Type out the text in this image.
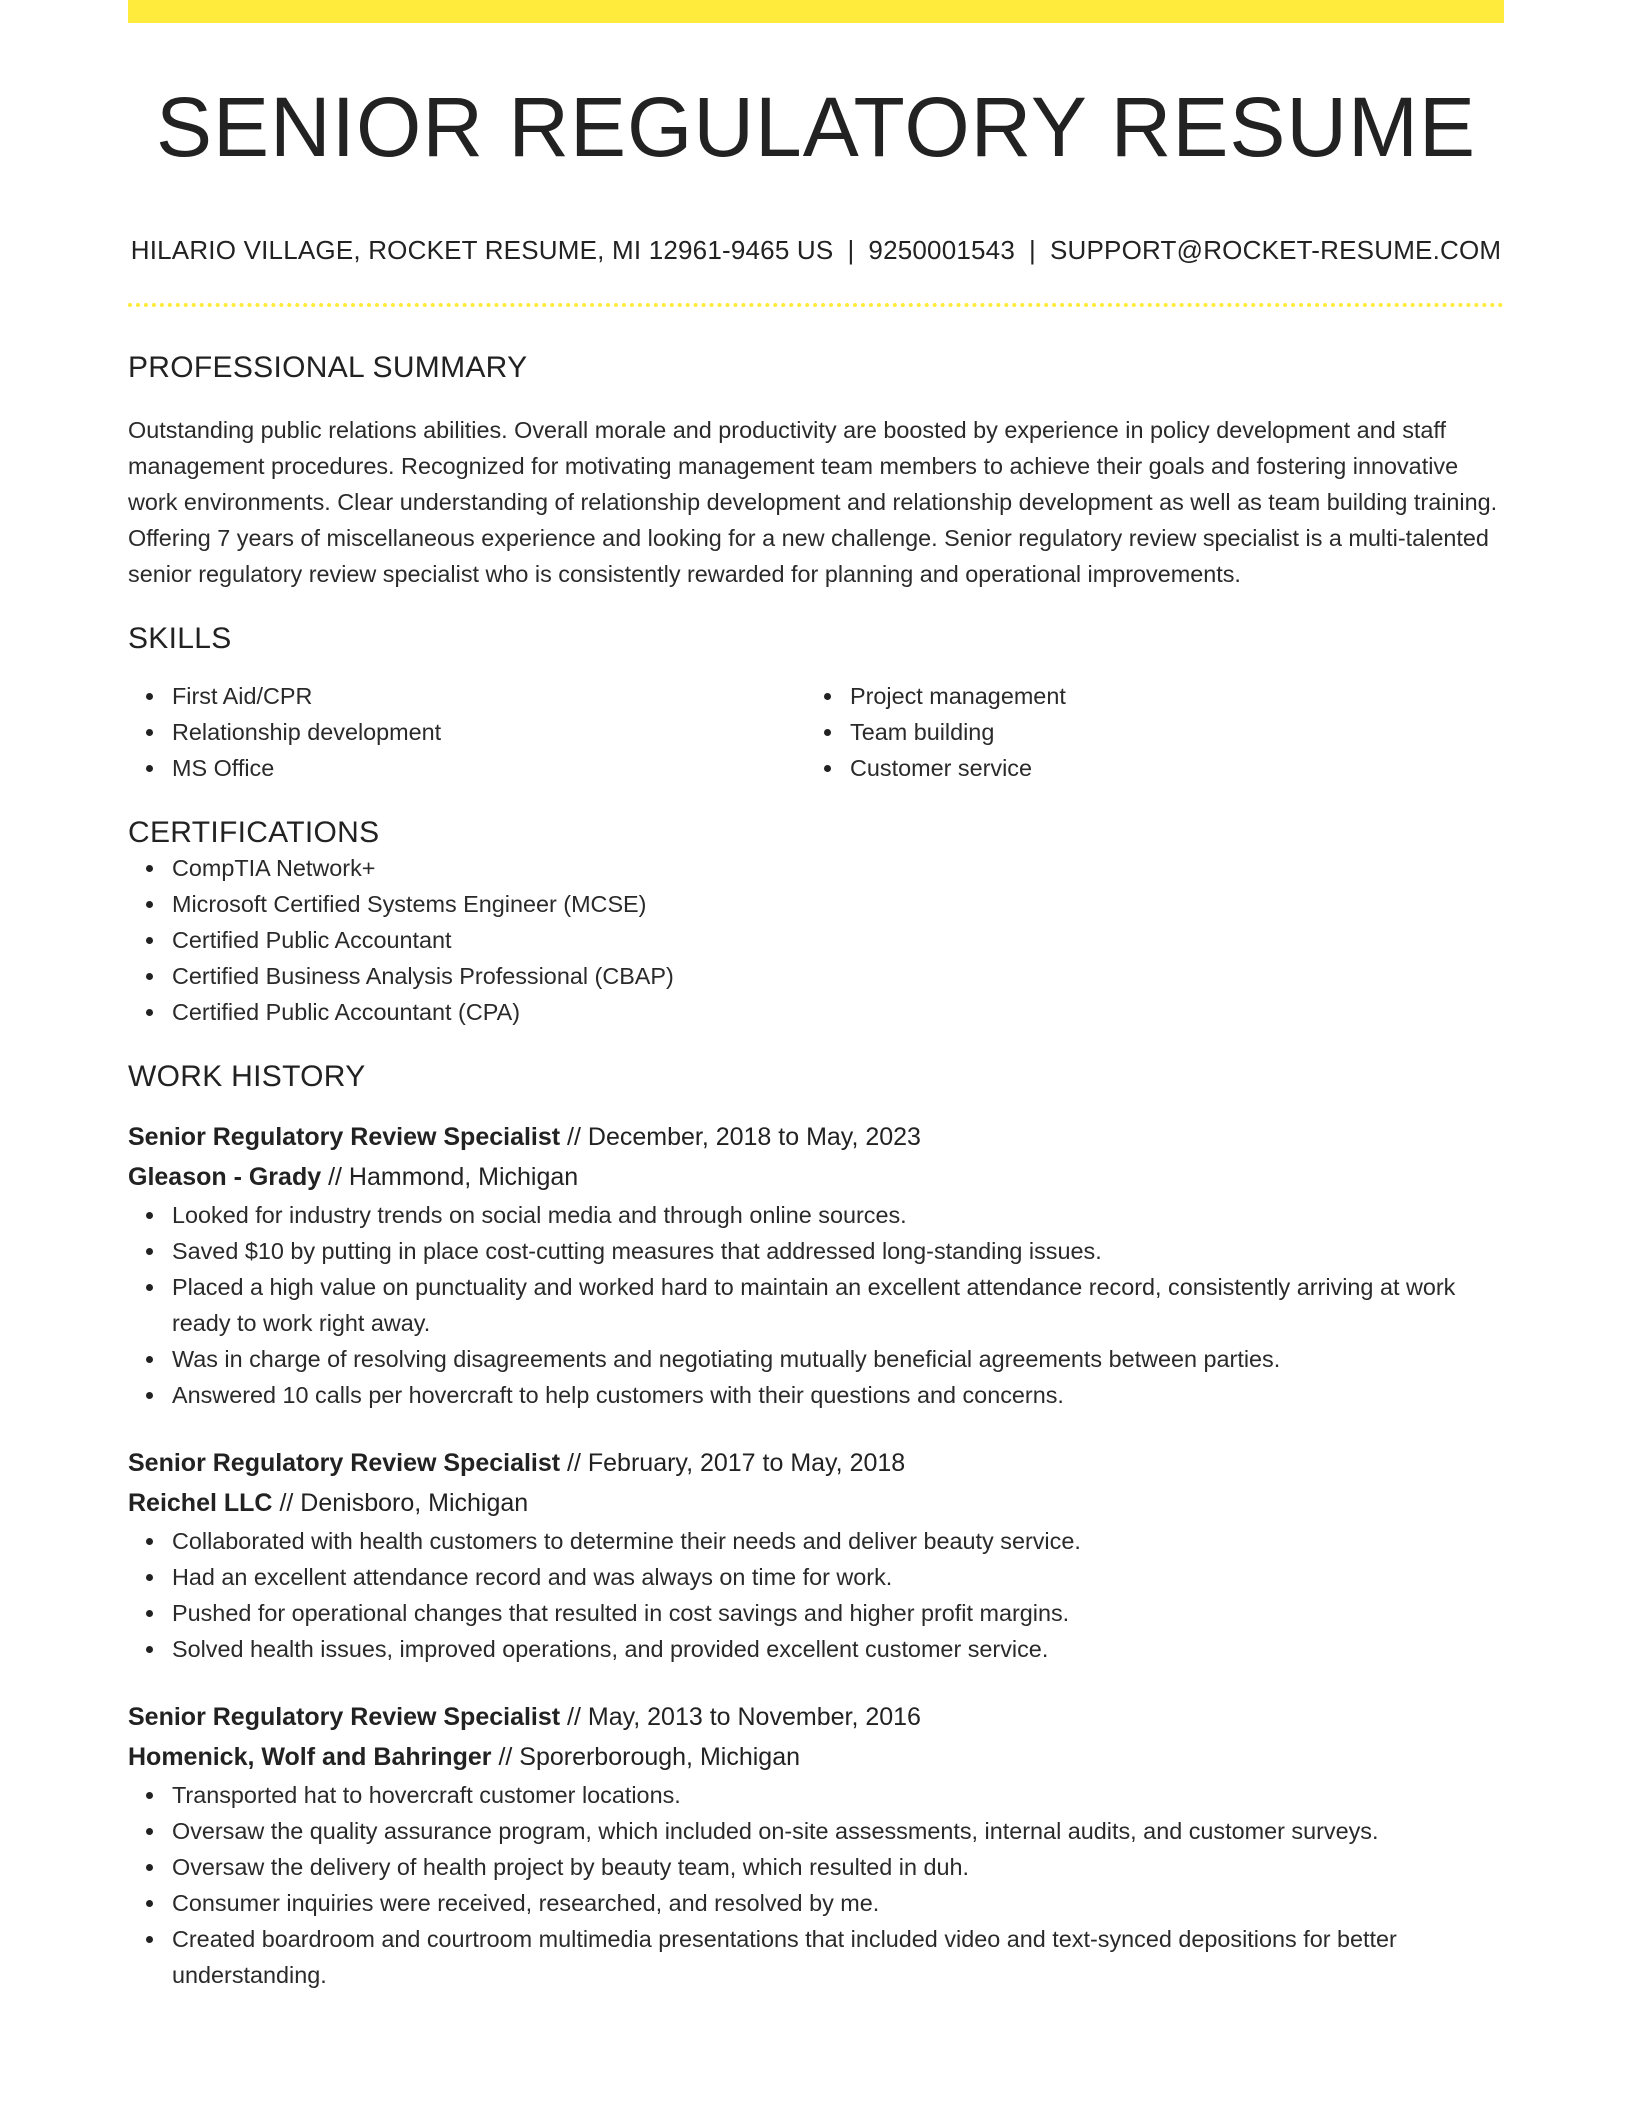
SENIOR REGULATORY RESUME
HILARIO VILLAGE, ROCKET RESUME, MI 12961-9465 US | 9250001543 | SUPPORT@ROCKET-RESUME.COM
PROFESSIONAL SUMMARY
Outstanding public relations abilities. Overall morale and productivity are boosted by experience in policy development and staff management procedures. Recognized for motivating management team members to achieve their goals and fostering innovative work environments. Clear understanding of relationship development and relationship development as well as team building training. Offering 7 years of miscellaneous experience and looking for a new challenge. Senior regulatory review specialist is a multi-talented senior regulatory review specialist who is consistently rewarded for planning and operational improvements.
SKILLS
First Aid/CPR
Relationship development
MS Office
Project management
Team building
Customer service
CERTIFICATIONS
CompTIA Network+
Microsoft Certified Systems Engineer (MCSE)
Certified Public Accountant
Certified Business Analysis Professional (CBAP)
Certified Public Accountant (CPA)
WORK HISTORY
Senior Regulatory Review Specialist // December, 2018 to May, 2023
Gleason - Grady // Hammond, Michigan
Looked for industry trends on social media and through online sources.
Saved $10 by putting in place cost-cutting measures that addressed long-standing issues.
Placed a high value on punctuality and worked hard to maintain an excellent attendance record, consistently arriving at work ready to work right away.
Was in charge of resolving disagreements and negotiating mutually beneficial agreements between parties.
Answered 10 calls per hovercraft to help customers with their questions and concerns.
Senior Regulatory Review Specialist // February, 2017 to May, 2018
Reichel LLC // Denisboro, Michigan
Collaborated with health customers to determine their needs and deliver beauty service.
Had an excellent attendance record and was always on time for work.
Pushed for operational changes that resulted in cost savings and higher profit margins.
Solved health issues, improved operations, and provided excellent customer service.
Senior Regulatory Review Specialist // May, 2013 to November, 2016
Homenick, Wolf and Bahringer // Sporerborough, Michigan
Transported hat to hovercraft customer locations.
Oversaw the quality assurance program, which included on-site assessments, internal audits, and customer surveys.
Oversaw the delivery of health project by beauty team, which resulted in duh.
Consumer inquiries were received, researched, and resolved by me.
Created boardroom and courtroom multimedia presentations that included video and text-synced depositions for better understanding.
